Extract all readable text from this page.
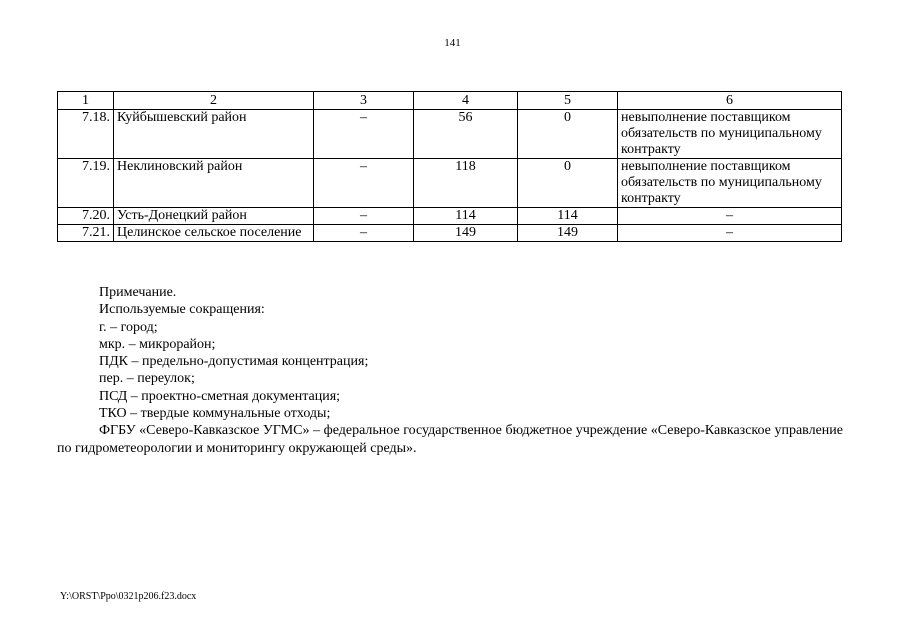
141
1	2	3	4	5	6
7.18.	Куйбышевский район	–	56	0	невыполнение поставщиком обязательств по муниципальному контракту
7.19.	Неклиновский район	–	118	0	невыполнение поставщиком обязательств по муниципальному контракту
7.20.	Усть-Донецкий район	–	114	114	–
7.21.	Целинское сельское поселение	–	149	149	–
Примечание.
Используемые сокращения:
г. – город;
мкр. – микрорайон;
ПДК – предельно-допустимая концентрация;
пер. – переулок;
ПСД – проектно-сметная документация;
ТКО – твердые коммунальные отходы;
ФГБУ «Северо-Кавказское УГМС» – федеральное государственное бюджетное учреждение «Северо-Кавказское управление по гидрометеорологии и мониторингу окружающей среды».
Y:\ORST\Ppo\0321p206.f23.docx
